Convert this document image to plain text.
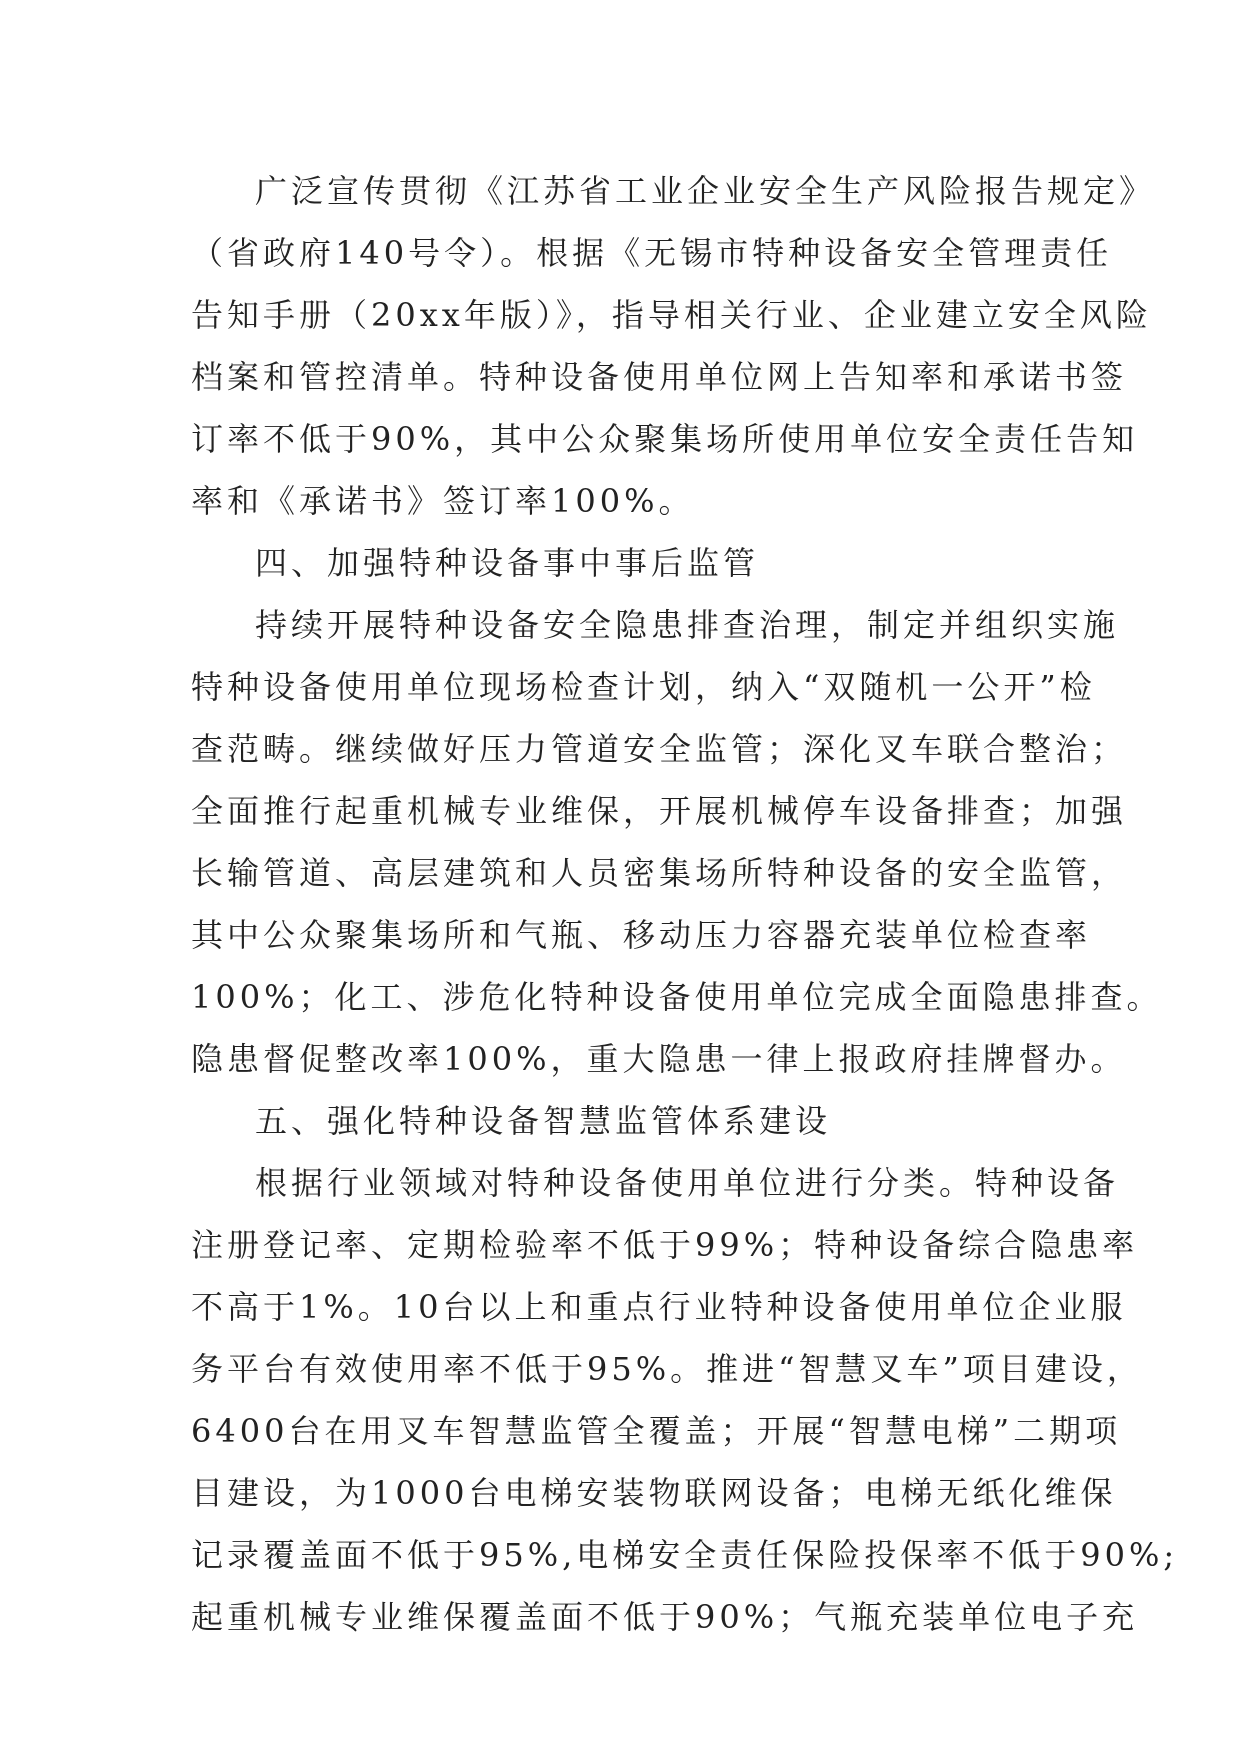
广泛宣传贯彻《江苏省工业企业安全生产风险报告规定》
（省政府140号令）。根据《无锡市特种设备安全管理责任
告知手册（20xx年版）》，指导相关行业、企业建立安全风险
档案和管控清单。特种设备使用单位网上告知率和承诺书签
订率不低于90%，其中公众聚集场所使用单位安全责任告知
率和《承诺书》签订率100%。
四、加强特种设备事中事后监管
持续开展特种设备安全隐患排查治理，制定并组织实施
特种设备使用单位现场检查计划，纳入“双随机一公开”检
查范畴。继续做好压力管道安全监管；深化叉车联合整治；
全面推行起重机械专业维保，开展机械停车设备排查；加强
长输管道、高层建筑和人员密集场所特种设备的安全监管，
其中公众聚集场所和气瓶、移动压力容器充装单位检查率
100%；化工、涉危化特种设备使用单位完成全面隐患排查。
隐患督促整改率100%，重大隐患一律上报政府挂牌督办。
五、强化特种设备智慧监管体系建设
根据行业领域对特种设备使用单位进行分类。特种设备
注册登记率、定期检验率不低于99%；特种设备综合隐患率
不高于1%。10台以上和重点行业特种设备使用单位企业服
务平台有效使用率不低于95%。推进“智慧叉车”项目建设，
6400台在用叉车智慧监管全覆盖；开展“智慧电梯”二期项
目建设，为1000台电梯安装物联网设备；电梯无纸化维保
记录覆盖面不低于95%,电梯安全责任保险投保率不低于90%;
起重机械专业维保覆盖面不低于90%；气瓶充装单位电子充
